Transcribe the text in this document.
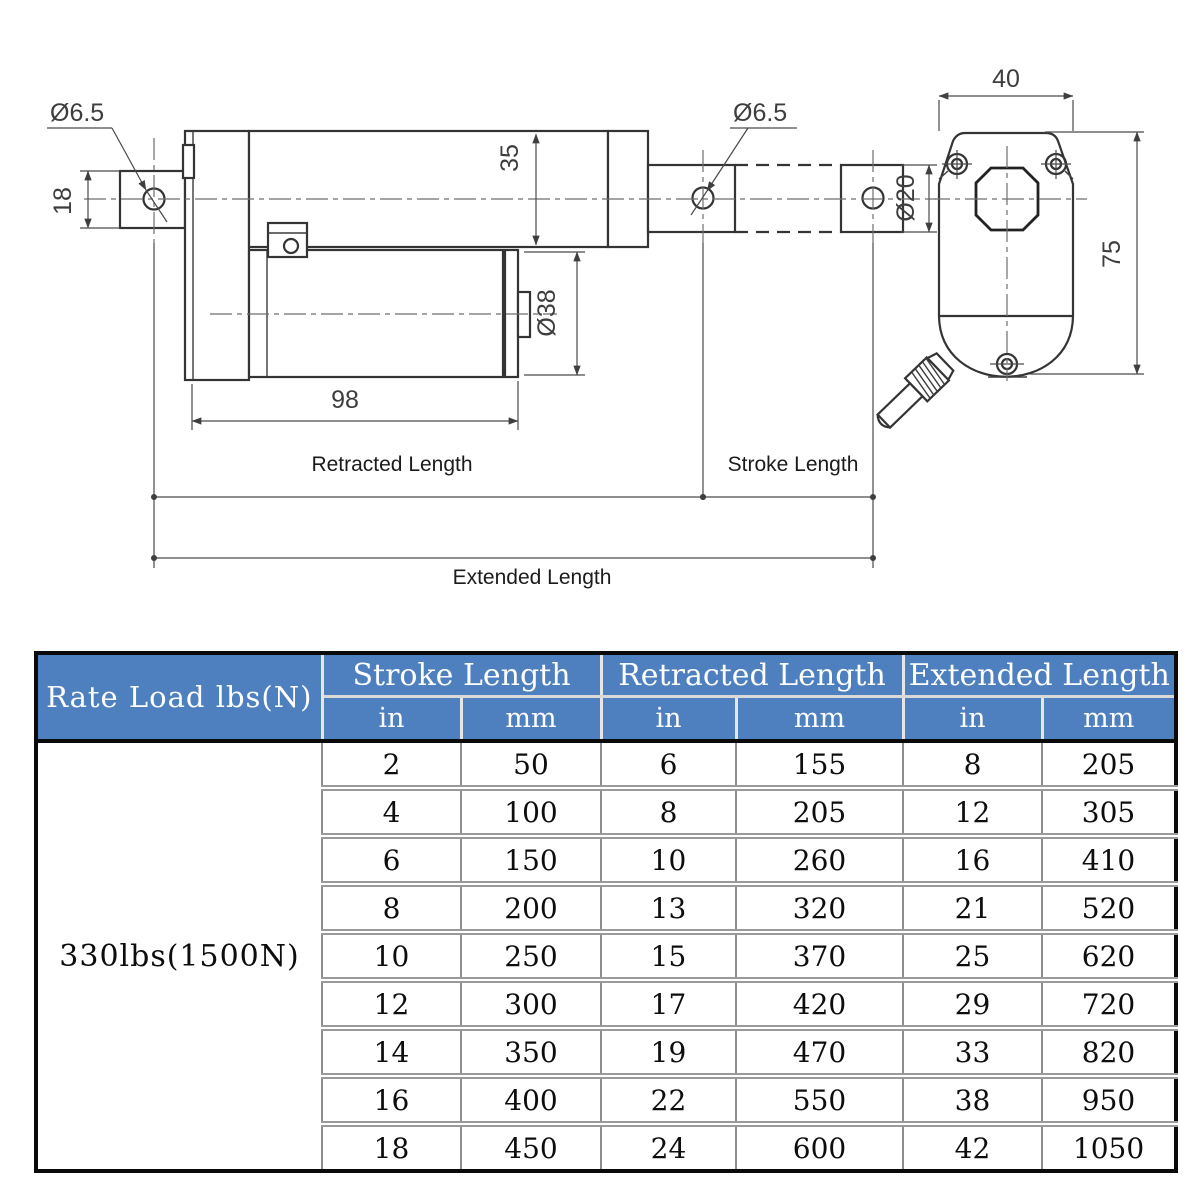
18
Ø6.5
35
Ø38
98
Ø6.5
Ø20
Retracted Length	Stroke Length
Extended Length
40
75
Rate Load lbs(N)	Stroke Length		Retracted Length		Extended Length	
	in	mm	in	mm	in	mm
330lbs(1500N)	2	50	6	155	8	205
	4	100	8	205	12	305
	6	150	10	260	16	410
	8	200	13	320	21	520
	10	250	15	370	25	620
	12	300	17	420	29	720
	14	350	19	470	33	820
	16	400	22	550	38	950
	18	450	24	600	42	1050
